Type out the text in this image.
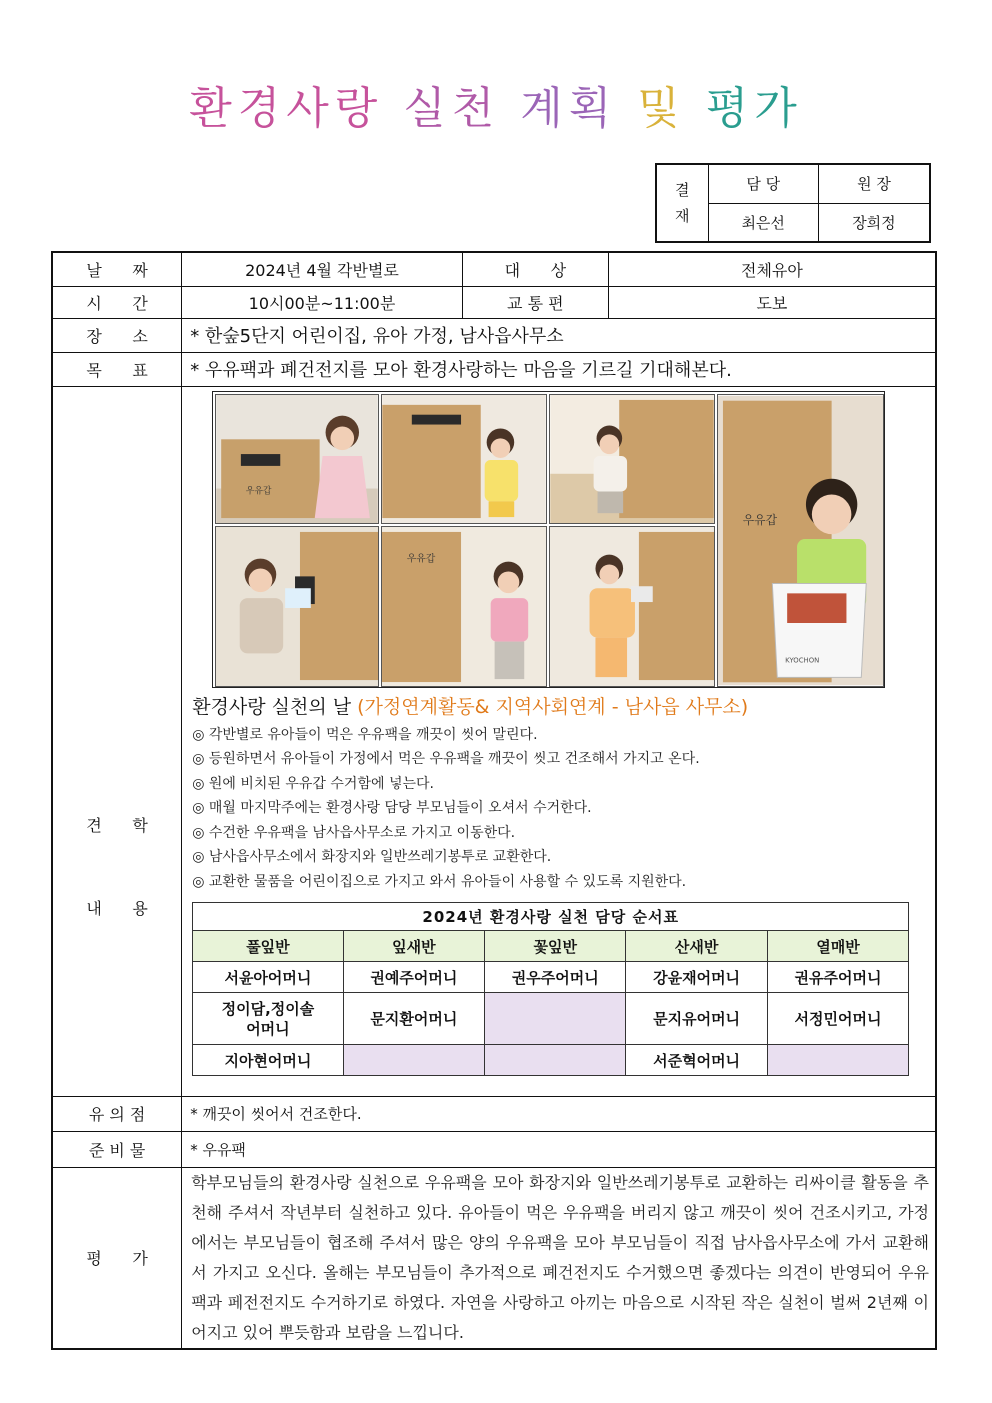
환경사랑 실천 계획 및 평가
결
재	담 당	원 장
	최은선	장희정
날      짜	2024년 4월 각반별로	대      상	전체유아
시      간	10시00분~11:00분	교 통 편	도보
장      소	* 한숲5단지 어린이집, 유아 가정, 남사읍사무소
목      표	* 우유팩과 폐건전지를 모아 환경사랑하는 마음을 기르길 기대해본다.

견      학
내      용

우유갑
우유갑
KYOCHON
우유갑
환경사랑 실천의 날 (가정연계활동& 지역사회연계 - 남사읍 사무소)
◎ 각반별로 유아들이 먹은 우유팩을 깨끗이 씻어 말린다.
◎ 등원하면서 유아들이 가정에서 먹은 우유팩을 깨끗이 씻고 건조해서 가지고 온다.
◎ 원에 비치된 우유갑 수거함에 넣는다.
◎ 매월 마지막주에는 환경사랑 담당 부모님들이 오셔서 수거한다.
◎ 수건한 우유팩을 남사읍사무소로 가지고 이동한다.
◎ 남사읍사무소에서 화장지와 일반쓰레기봉투로 교환한다.
◎ 교환한 물품을 어린이집으로 가지고 와서 유아들이 사용할 수 있도록 지원한다.
2024년 환경사랑 실천 담당 순서표
풀잎반	잎새반	꽃잎반	산새반	열매반
서윤아어머니	권예주어머니	권우주어머니	강윤재어머니	권유주어머니
정이담,정이솔
어머니	문지환어머니		문지유어머니	서정민어머니
지아현어머니			서준혁어머니	

유 의 점	* 깨끗이 씻어서 건조한다.
준 비 물	* 우유팩
평      가	학부모님들의 환경사랑 실천으로 우유팩을 모아 화장지와 일반쓰레기봉투로 교환하는 리싸이클 활동을 추천해 주셔서 작년부터 실천하고 있다. 유아들이 먹은 우유팩을 버리지 않고 깨끗이 씻어 건조시키고, 가정에서는 부모님들이 협조해 주셔서 많은 양의 우유팩을 모아 부모님들이 직접 남사읍사무소에 가서 교환해서 가지고 오신다. 올해는 부모님들이 추가적으로 폐건전지도 수거했으면 좋겠다는 의견이 반영되어 우유팩과 페전전지도 수거하기로 하였다. 자연을 사랑하고 아끼는 마음으로 시작된 작은 실천이 벌써 2년째 이어지고 있어 뿌듯함과 보람을 느낍니다.
